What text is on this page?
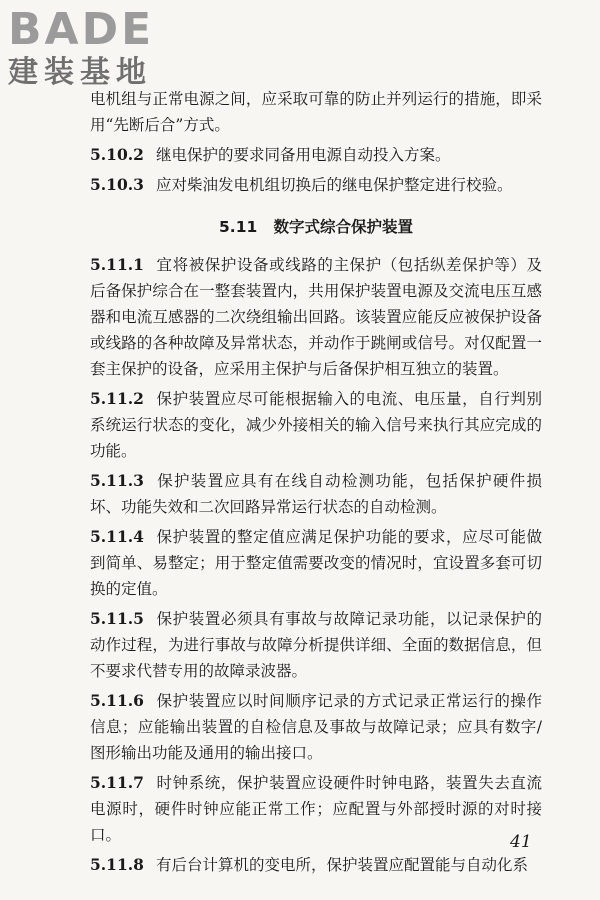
BADE
建装基地

电机组与正常电源之间，应采取可靠的防止并列运行的措施，即采用“先断后合”方式。

5.10.2 继电保护的要求同备用电源自动投入方案。

5.10.3 应对柴油发电机组切换后的继电保护整定进行校验。

5.11 数字式综合保护装置

5.11.1 宜将被保护设备或线路的主保护（包括纵差保护等）及后备保护综合在一整套装置内，共用保护装置电源及交流电压互感器和电流互感器的二次绕组输出回路。该装置应能反应被保护设备或线路的各种故障及异常状态，并动作于跳闸或信号。对仅配置一套主保护的设备，应采用主保护与后备保护相互独立的装置。

5.11.2 保护装置应尽可能根据输入的电流、电压量，自行判别系统运行状态的变化，减少外接相关的输入信号来执行其应完成的功能。

5.11.3 保护装置应具有在线自动检测功能，包括保护硬件损坏、功能失效和二次回路异常运行状态的自动检测。

5.11.4 保护装置的整定值应满足保护功能的要求，应尽可能做到简单、易整定；用于整定值需要改变的情况时，宜设置多套可切换的定值。

5.11.5 保护装置必须具有事故与故障记录功能，以记录保护的动作过程，为进行事故与故障分析提供详细、全面的数据信息，但不要求代替专用的故障录波器。

5.11.6 保护装置应以时间顺序记录的方式记录正常运行的操作信息；应能输出装置的自检信息及事故与故障记录；应具有数字/图形输出功能及通用的输出接口。

5.11.7 时钟系统，保护装置应设硬件时钟电路，装置失去直流电源时，硬件时钟应能正常工作；应配置与外部授时源的对时接口。

5.11.8 有后台计算机的变电所，保护装置应配置能与自动化系

41
